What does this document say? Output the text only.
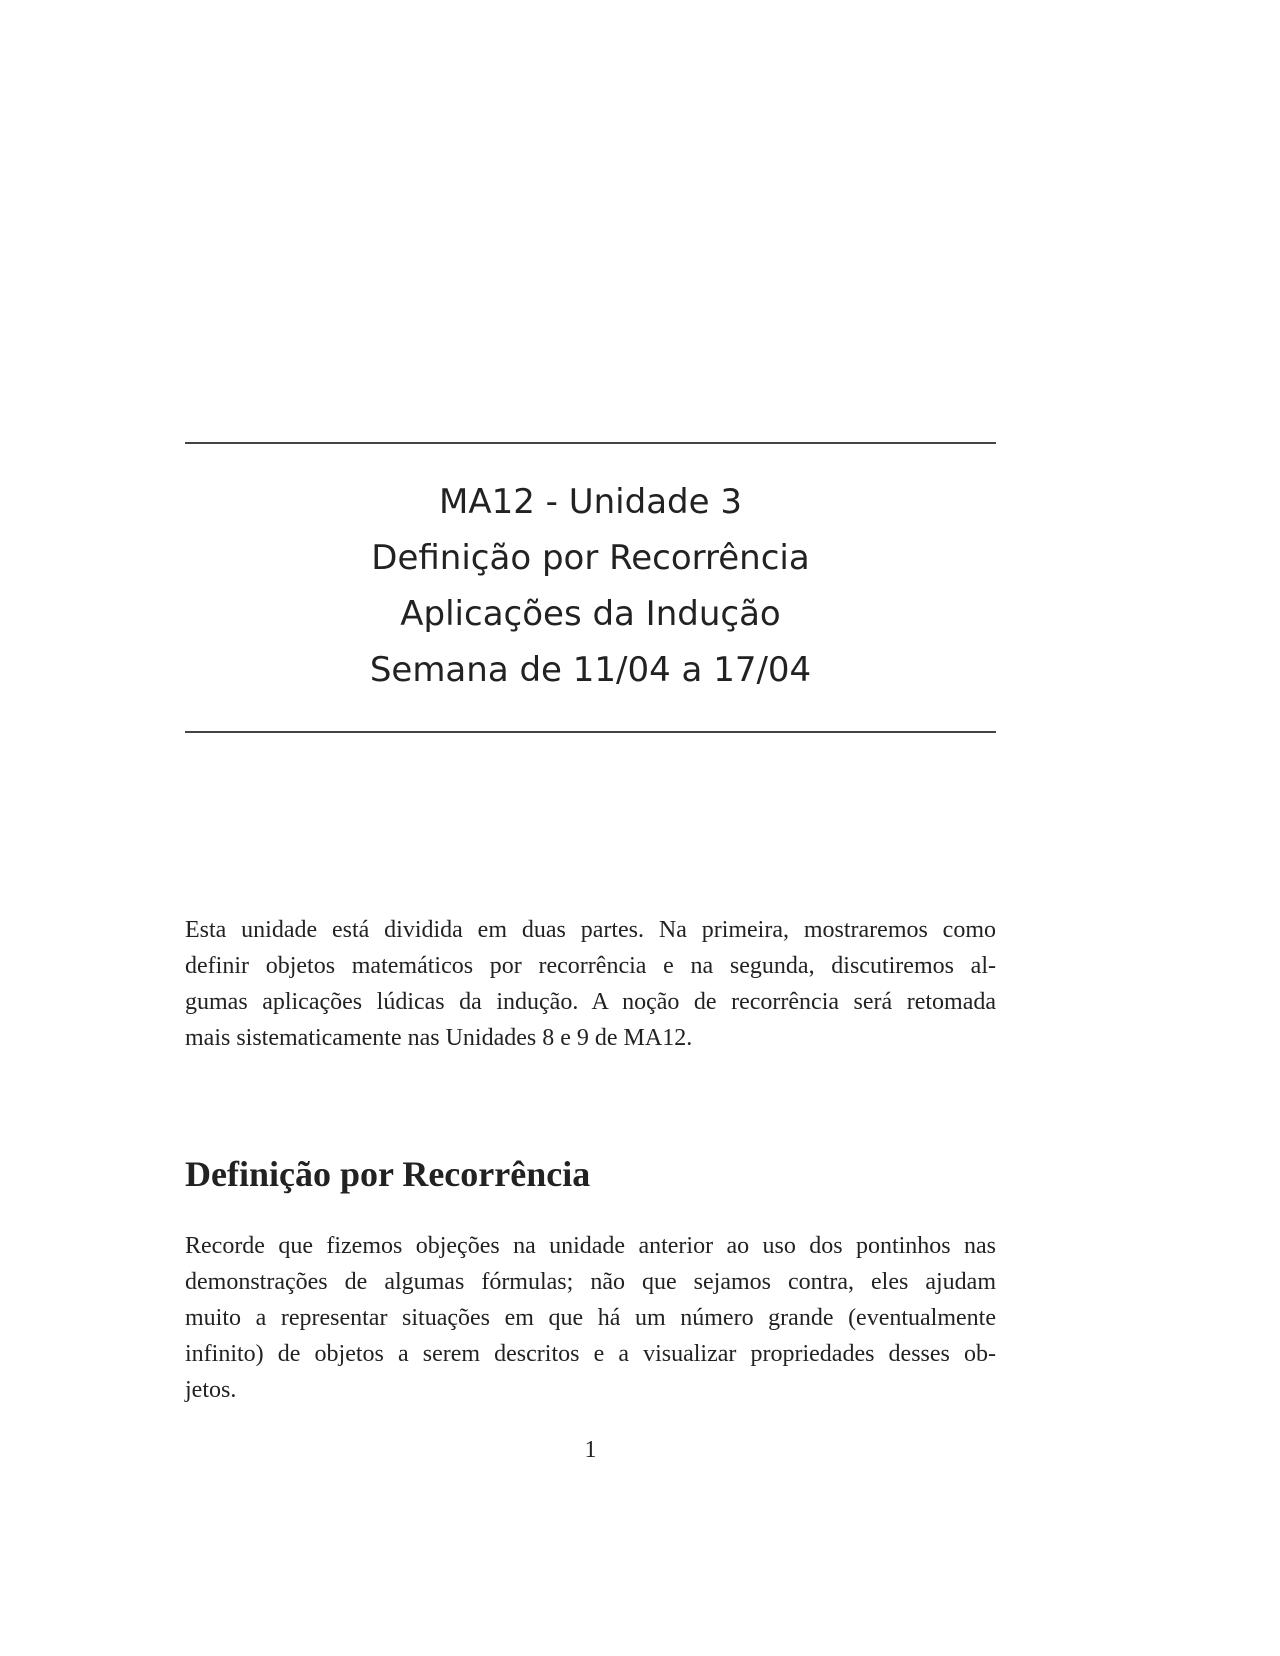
MA12 - Unidade 3
Definição por Recorrência
Aplicações da Indução
Semana de 11/04 a 17/04
Esta unidade está dividida em duas partes. Na primeira, mostraremos como
definir objetos matemáticos por recorrência e na segunda, discutiremos al-
gumas aplicações lúdicas da indução. A noção de recorrência será retomada
mais sistematicamente nas Unidades 8 e 9 de MA12.
Definição por Recorrência
Recorde que fizemos objeções na unidade anterior ao uso dos pontinhos nas
demonstrações de algumas fórmulas; não que sejamos contra, eles ajudam
muito a representar situações em que há um número grande (eventualmente
infinito) de objetos a serem descritos e a visualizar propriedades desses ob-
jetos.
1
